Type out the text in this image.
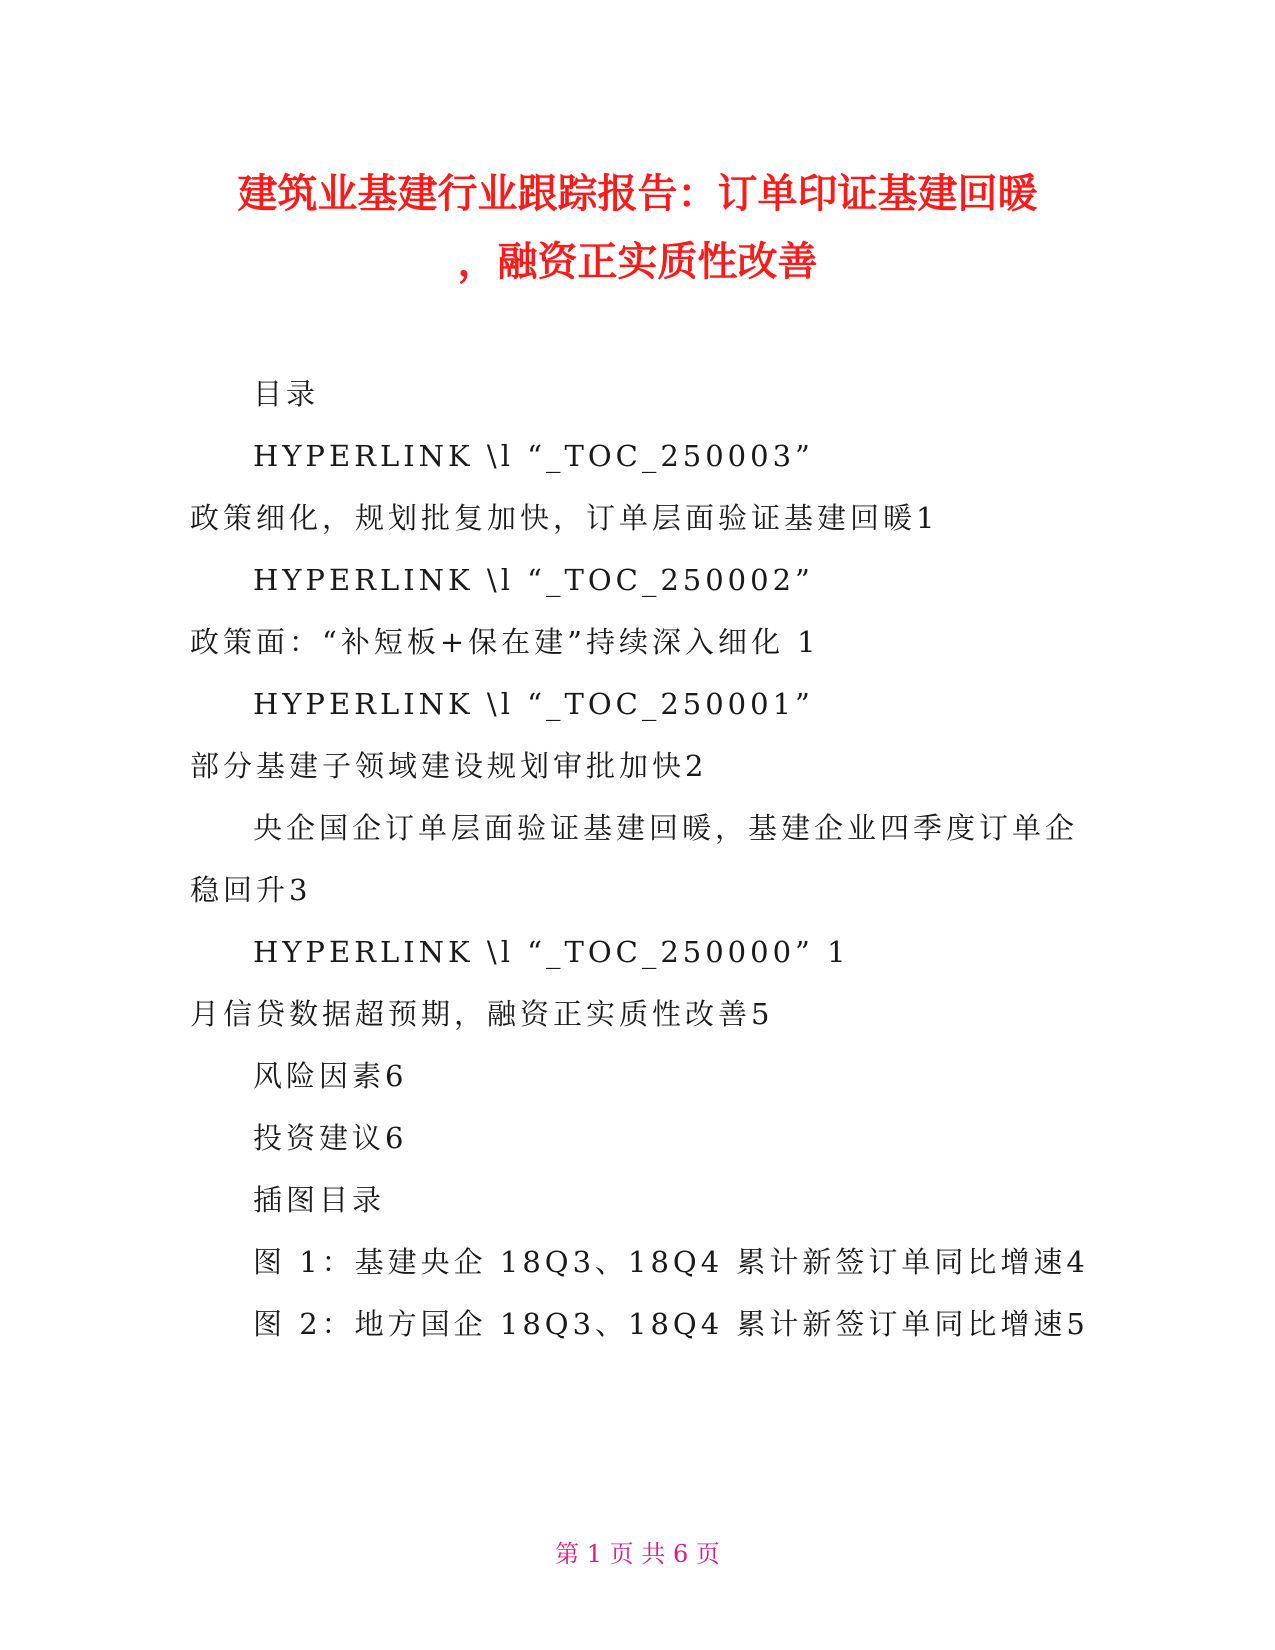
建筑业基建行业跟踪报告：订单印证基建回暖
，融资正实质性改善
目录
HYPERLINK \l “_TOC_250003”
政策细化，规划批复加快，订单层面验证基建回暖1
HYPERLINK \l “_TOC_250002”
政策面：“补短板+保在建”持续深入细化 1
HYPERLINK \l “_TOC_250001”
部分基建子领域建设规划审批加快2
央企国企订单层面验证基建回暖，基建企业四季度订单企
稳回升3
HYPERLINK \l “_TOC_250000” 1
月信贷数据超预期，融资正实质性改善5
风险因素6
投资建议6
插图目录
图 1：基建央企 18Q3、18Q4 累计新签订单同比增速4
图 2：地方国企 18Q3、18Q4 累计新签订单同比增速5
第 1 页 共 6 页
